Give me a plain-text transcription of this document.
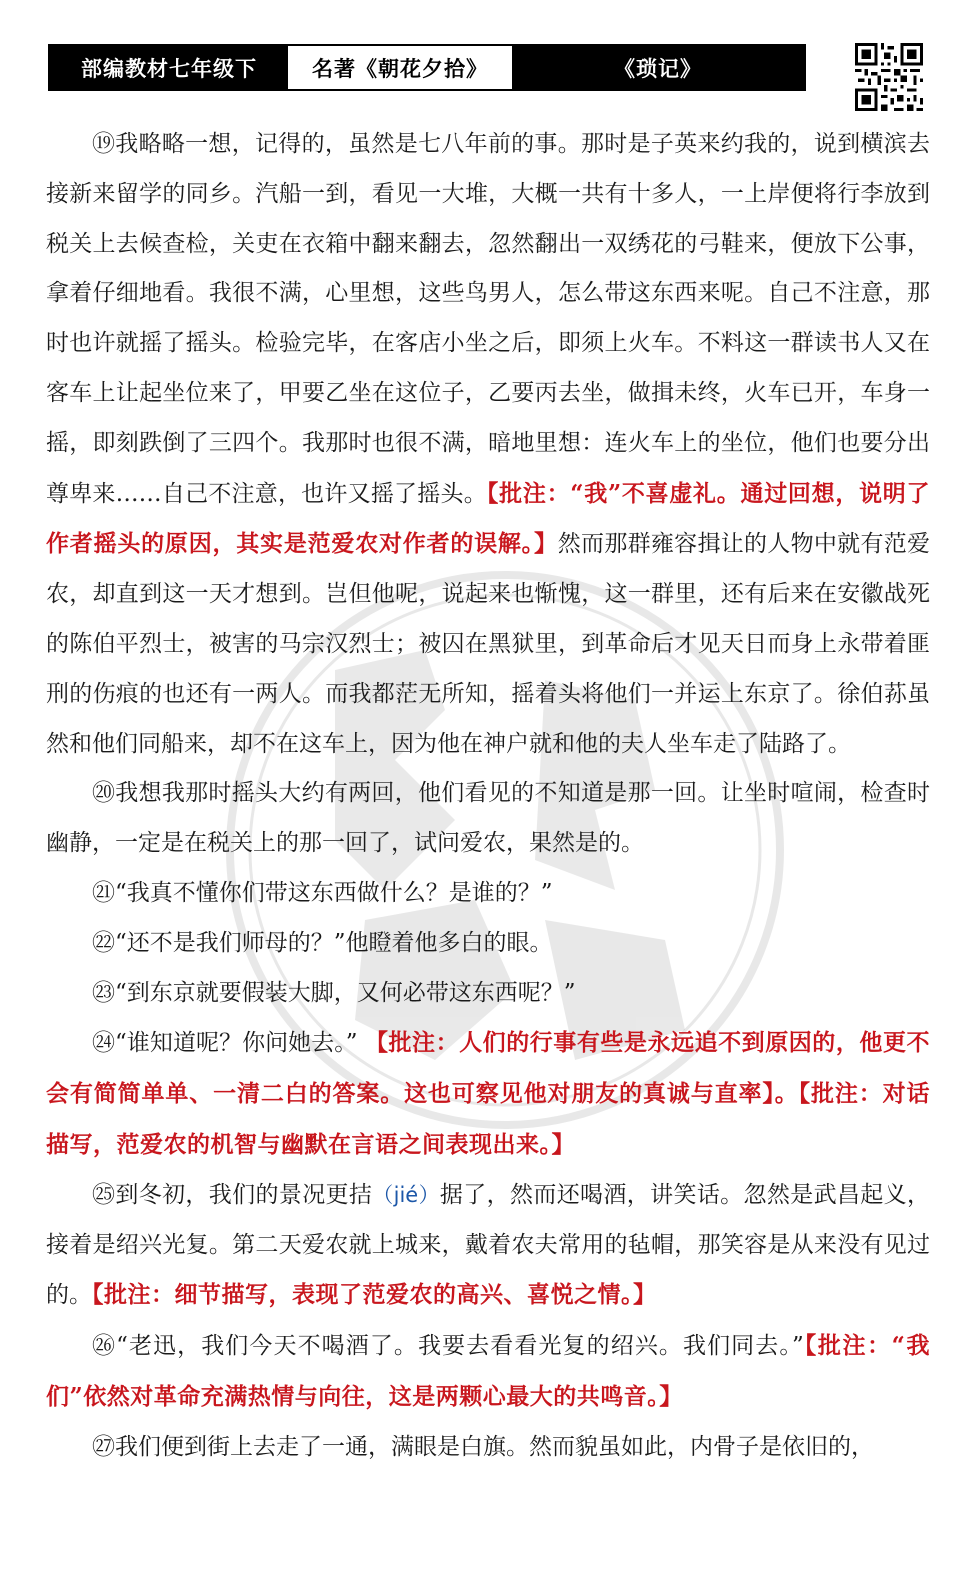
部编教材七年级下	名著《朝花夕拾》	《琐记》

⑲我略略一想，记得的，虽然是七八年前的事。那时是子英来约我的，说到横滨去接新来留学的同乡。汽船一到，看见一大堆，大概一共有十多人，一上岸便将行李放到税关上去候查检，关吏在衣箱中翻来翻去，忽然翻出一双绣花的弓鞋来，便放下公事，拿着仔细地看。我很不满，心里想，这些鸟男人，怎么带这东西来呢。自己不注意，那时也许就摇了摇头。检验完毕，在客店小坐之后，即须上火车。不料这一群读书人又在客车上让起坐位来了，甲要乙坐在这位子，乙要丙去坐，做揖未终，火车已开，车身一摇，即刻跌倒了三四个。我那时也很不满，暗地里想：连火车上的坐位，他们也要分出尊卑来……自己不注意，也许又摇了摇头。【批注：“我”不喜虚礼。通过回想，说明了作者摇头的原因，其实是范爱农对作者的误解。】然而那群雍容揖让的人物中就有范爱农，却直到这一天才想到。岂但他呢，说起来也惭愧，这一群里，还有后来在安徽战死的陈伯平烈士，被害的马宗汉烈士；被囚在黑狱里，到革命后才见天日而身上永带着匪刑的伤痕的也还有一两人。而我都茫无所知，摇着头将他们一并运上东京了。徐伯荪虽然和他们同船来，却不在这车上，因为他在神户就和他的夫人坐车走了陆路了。

⑳我想我那时摇头大约有两回，他们看见的不知道是那一回。让坐时喧闹，检查时幽静，一定是在税关上的那一回了，试问爱农，果然是的。

㉑“我真不懂你们带这东西做什么？是谁的？”

㉒“还不是我们师母的？”他瞪着他多白的眼。

㉓“到东京就要假装大脚，又何必带这东西呢？”

㉔“谁知道呢？你问她去。” 【批注：人们的行事有些是永远追不到原因的，他更不会有简简单单、一清二白的答案。这也可察见他对朋友的真诚与直率】。【批注：对话描写，范爱农的机智与幽默在言语之间表现出来。】

㉕到冬初，我们的景况更拮（jié）据了，然而还喝酒，讲笑话。忽然是武昌起义，接着是绍兴光复。第二天爱农就上城来，戴着农夫常用的毡帽，那笑容是从来没有见过的。【批注：细节描写，表现了范爱农的高兴、喜悦之情。】

㉖“老迅，我们今天不喝酒了。我要去看看光复的绍兴。我们同去。”【批注：“我们”依然对革命充满热情与向往，这是两颗心最大的共鸣音。】

㉗我们便到街上去走了一通，满眼是白旗。然而貌虽如此，内骨子是依旧的，
